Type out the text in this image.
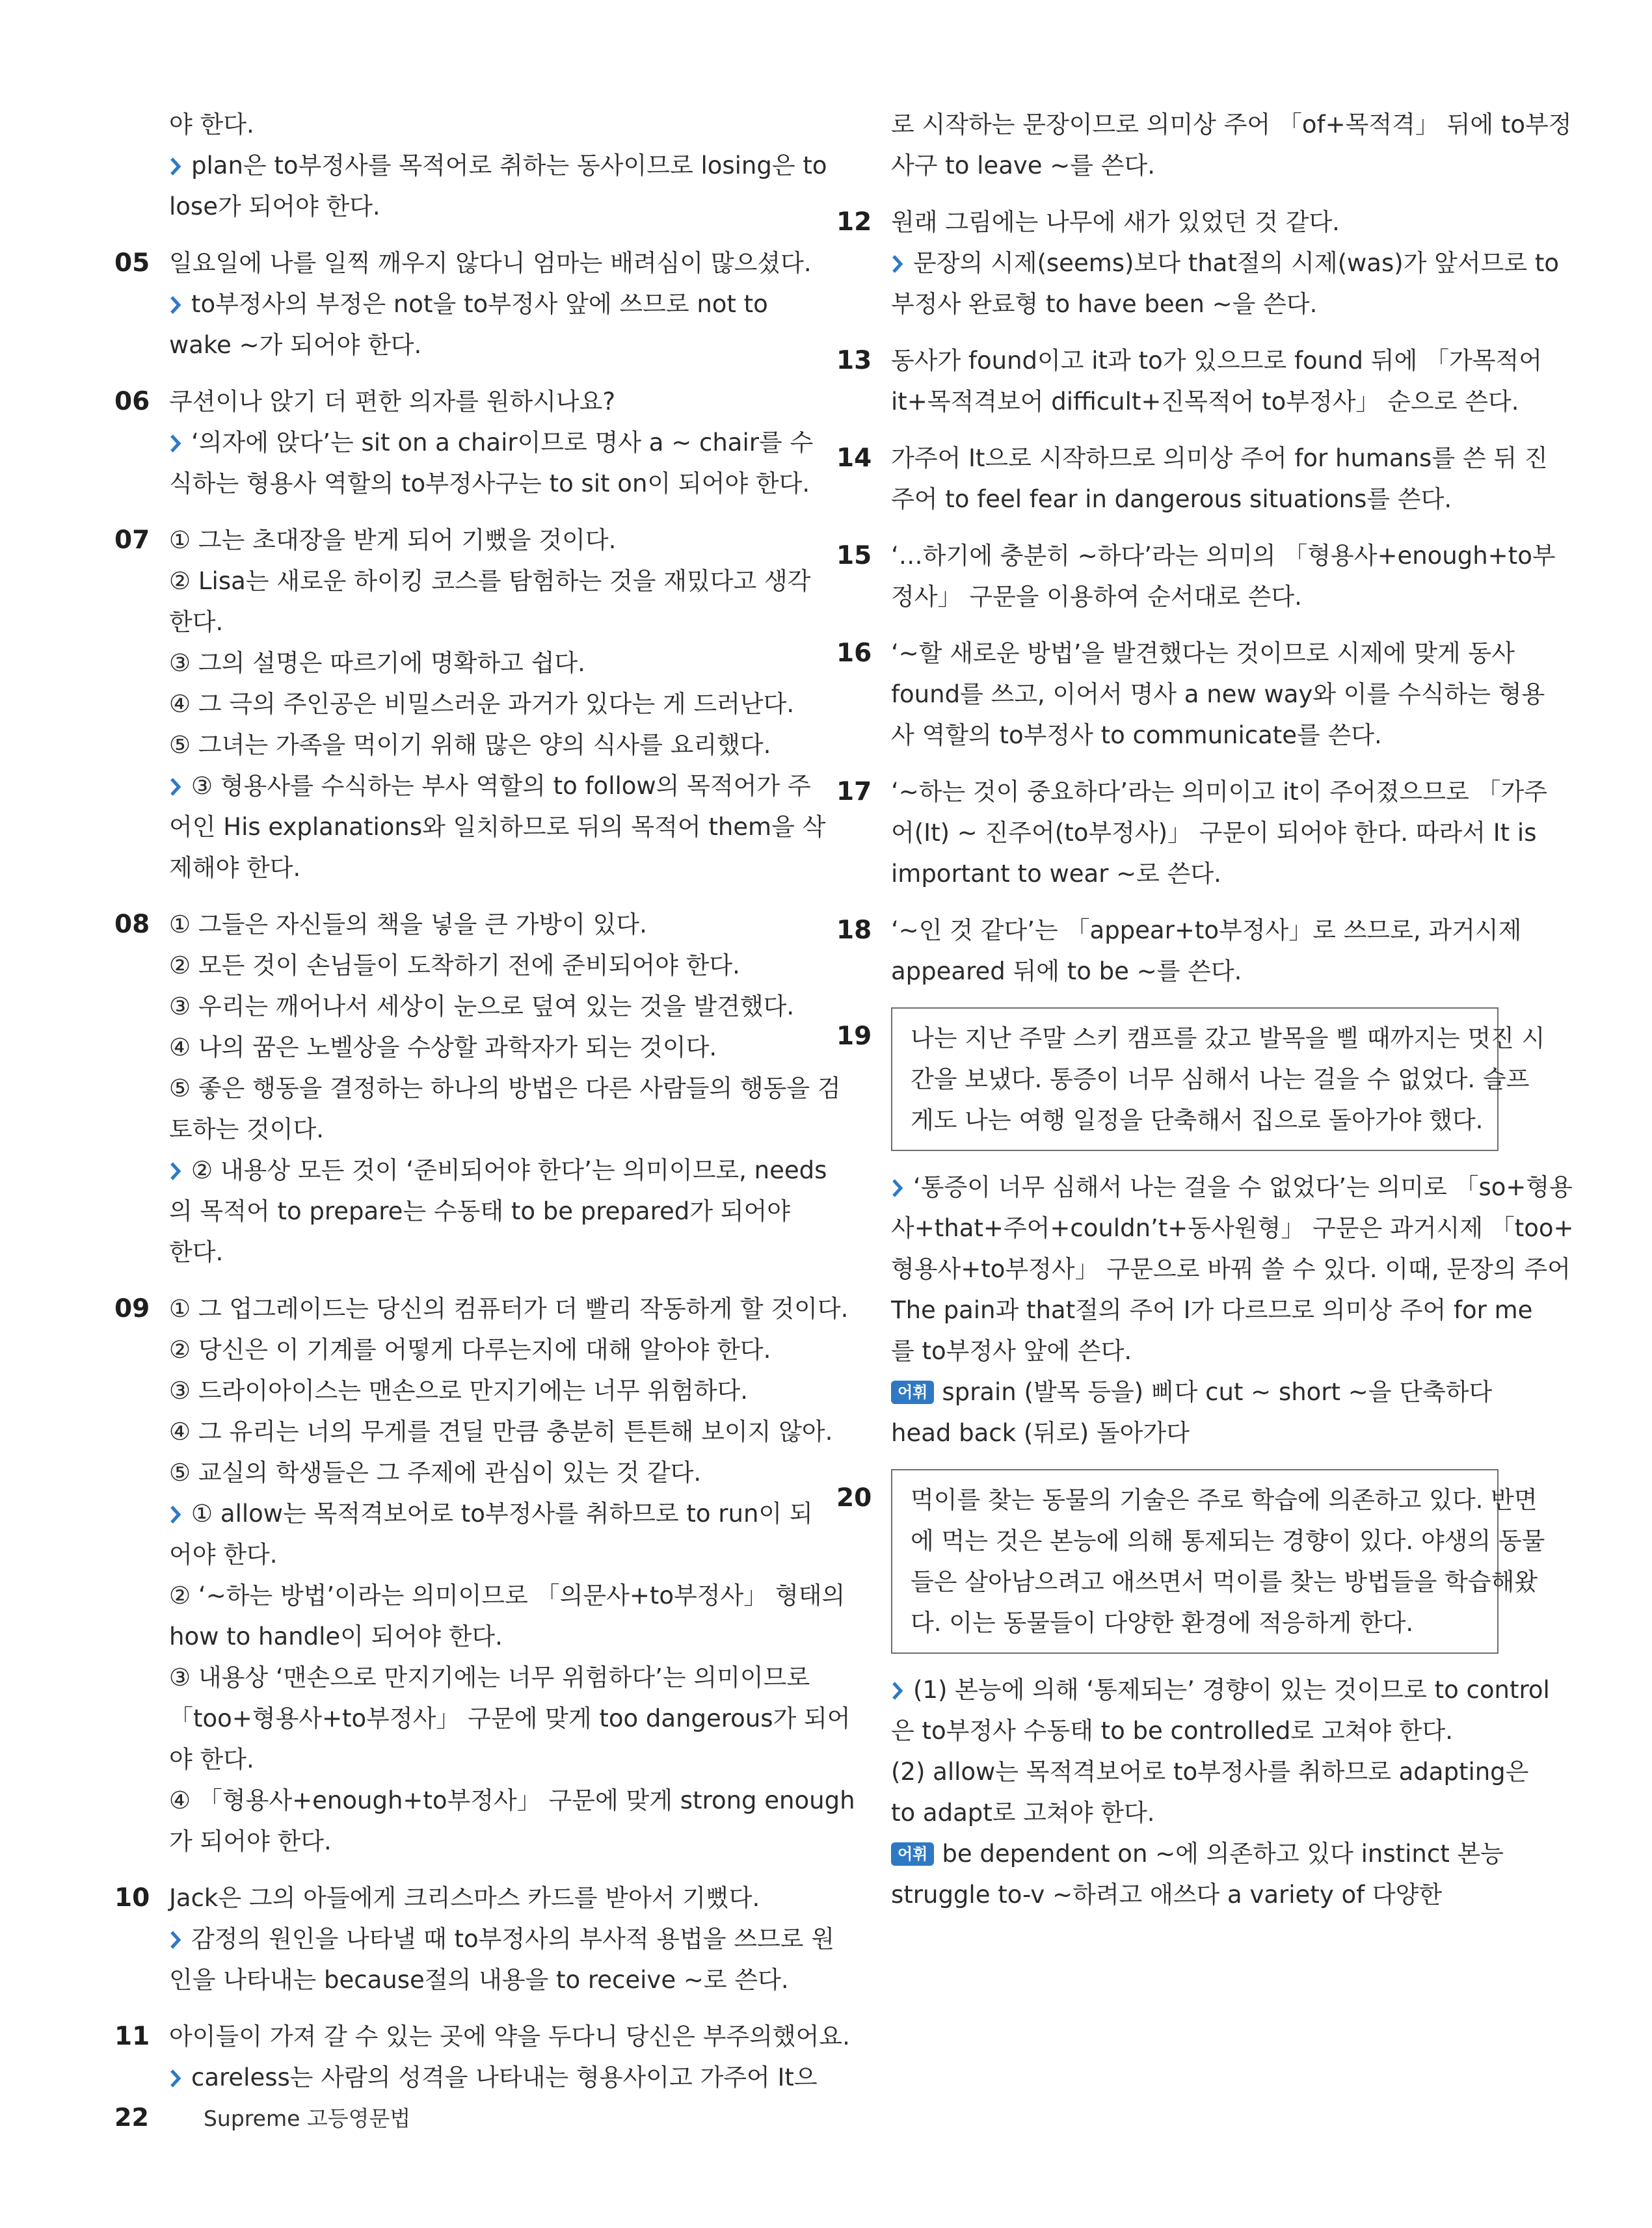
야 한다.
plan은 to부정사를 목적어로 취하는 동사이므로 losing은 to
lose가 되어야 한다.
05 일요일에 나를 일찍 깨우지 않다니 엄마는 배려심이 많으셨다.
to부정사의 부정은 not을 to부정사 앞에 쓰므로 not to
wake ~가 되어야 한다.
06 쿠션이나 앉기 더 편한 의자를 원하시나요?
‘의자에 앉다’는 sit on a chair이므로 명사 a ~ chair를 수
식하는 형용사 역할의 to부정사구는 to sit on이 되어야 한다.
07 ① 그는 초대장을 받게 되어 기뻤을 것이다.
② Lisa는 새로운 하이킹 코스를 탐험하는 것을 재밌다고 생각
한다.
③ 그의 설명은 따르기에 명확하고 쉽다.
④ 그 극의 주인공은 비밀스러운 과거가 있다는 게 드러난다.
⑤ 그녀는 가족을 먹이기 위해 많은 양의 식사를 요리했다.
③ 형용사를 수식하는 부사 역할의 to follow의 목적어가 주
어인 His explanations와 일치하므로 뒤의 목적어 them을 삭
제해야 한다.
08 ① 그들은 자신들의 책을 넣을 큰 가방이 있다.
② 모든 것이 손님들이 도착하기 전에 준비되어야 한다.
③ 우리는 깨어나서 세상이 눈으로 덮여 있는 것을 발견했다.
④ 나의 꿈은 노벨상을 수상할 과학자가 되는 것이다.
⑤ 좋은 행동을 결정하는 하나의 방법은 다른 사람들의 행동을 검
토하는 것이다.
② 내용상 모든 것이 ‘준비되어야 한다’는 의미이므로, needs
의 목적어 to prepare는 수동태 to be prepared가 되어야
한다.
09 ① 그 업그레이드는 당신의 컴퓨터가 더 빨리 작동하게 할 것이다.
② 당신은 이 기계를 어떻게 다루는지에 대해 알아야 한다.
③ 드라이아이스는 맨손으로 만지기에는 너무 위험하다.
④ 그 유리는 너의 무게를 견딜 만큼 충분히 튼튼해 보이지 않아.
⑤ 교실의 학생들은 그 주제에 관심이 있는 것 같다.
① allow는 목적격보어로 to부정사를 취하므로 to run이 되
어야 한다.
② ‘~하는 방법’이라는 의미이므로 「의문사+to부정사」 형태의
how to handle이 되어야 한다.
③ 내용상 ‘맨손으로 만지기에는 너무 위험하다’는 의미이므로
「too+형용사+to부정사」 구문에 맞게 too dangerous가 되어
야 한다.
④ 「형용사+enough+to부정사」 구문에 맞게 strong enough
가 되어야 한다.
10 Jack은 그의 아들에게 크리스마스 카드를 받아서 기뻤다.
감정의 원인을 나타낼 때 to부정사의 부사적 용법을 쓰므로 원
인을 나타내는 because절의 내용을 to receive ~로 쓴다.
11 아이들이 가져 갈 수 있는 곳에 약을 두다니 당신은 부주의했어요.
careless는 사람의 성격을 나타내는 형용사이고 가주어 It으
로 시작하는 문장이므로 의미상 주어 「of+목적격」 뒤에 to부정
사구 to leave ~를 쓴다.
12 원래 그림에는 나무에 새가 있었던 것 같다.
문장의 시제(seems)보다 that절의 시제(was)가 앞서므로 to
부정사 완료형 to have been ~을 쓴다.
13 동사가 found이고 it과 to가 있으므로 found 뒤에 「가목적어
it+목적격보어 difficult+진목적어 to부정사」 순으로 쓴다.
14 가주어 It으로 시작하므로 의미상 주어 for humans를 쓴 뒤 진
주어 to feel fear in dangerous situations를 쓴다.
15 ‘…하기에 충분히 ~하다’라는 의미의 「형용사+enough+to부
정사」 구문을 이용하여 순서대로 쓴다.
16 ‘~할 새로운 방법’을 발견했다는 것이므로 시제에 맞게 동사
found를 쓰고, 이어서 명사 a new way와 이를 수식하는 형용
사 역할의 to부정사 to communicate를 쓴다.
17 ‘~하는 것이 중요하다’라는 의미이고 it이 주어졌으므로 「가주
어(It) ~ 진주어(to부정사)」 구문이 되어야 한다. 따라서 It is
important to wear ~로 쓴다.
18 ‘~인 것 같다’는 「appear+to부정사」로 쓰므로, 과거시제
appeared 뒤에 to be ~를 쓴다.
19	나는 지난 주말 스키 캠프를 갔고 발목을 삘 때까지는 멋진 시
간을 보냈다. 통증이 너무 심해서 나는 걸을 수 없었다. 슬프
게도 나는 여행 일정을 단축해서 집으로 돌아가야 했다.
‘통증이 너무 심해서 나는 걸을 수 없었다’는 의미로 「so+형용
사+that+주어+couldn’t+동사원형」 구문은 과거시제 「too+
형용사+to부정사」 구문으로 바꿔 쓸 수 있다. 이때, 문장의 주어
The pain과 that절의 주어 I가 다르므로 의미상 주어 for me
를 to부정사 앞에 쓴다.
어휘 sprain (발목 등을) 삐다 cut ~ short ~을 단축하다
head back (뒤로) 돌아가다
20	먹이를 찾는 동물의 기술은 주로 학습에 의존하고 있다. 반면
에 먹는 것은 본능에 의해 통제되는 경향이 있다. 야생의 동물
들은 살아남으려고 애쓰면서 먹이를 찾는 방법들을 학습해왔
다. 이는 동물들이 다양한 환경에 적응하게 한다.
(1) 본능에 의해 ‘통제되는’ 경향이 있는 것이므로 to control
은 to부정사 수동태 to be controlled로 고쳐야 한다.
(2) allow는 목적격보어로 to부정사를 취하므로 adapting은
to adapt로 고쳐야 한다.
어휘 be dependent on ~에 의존하고 있다 instinct 본능
struggle to-v ~하려고 애쓰다 a variety of 다양한
22	Supreme 고등영문법
